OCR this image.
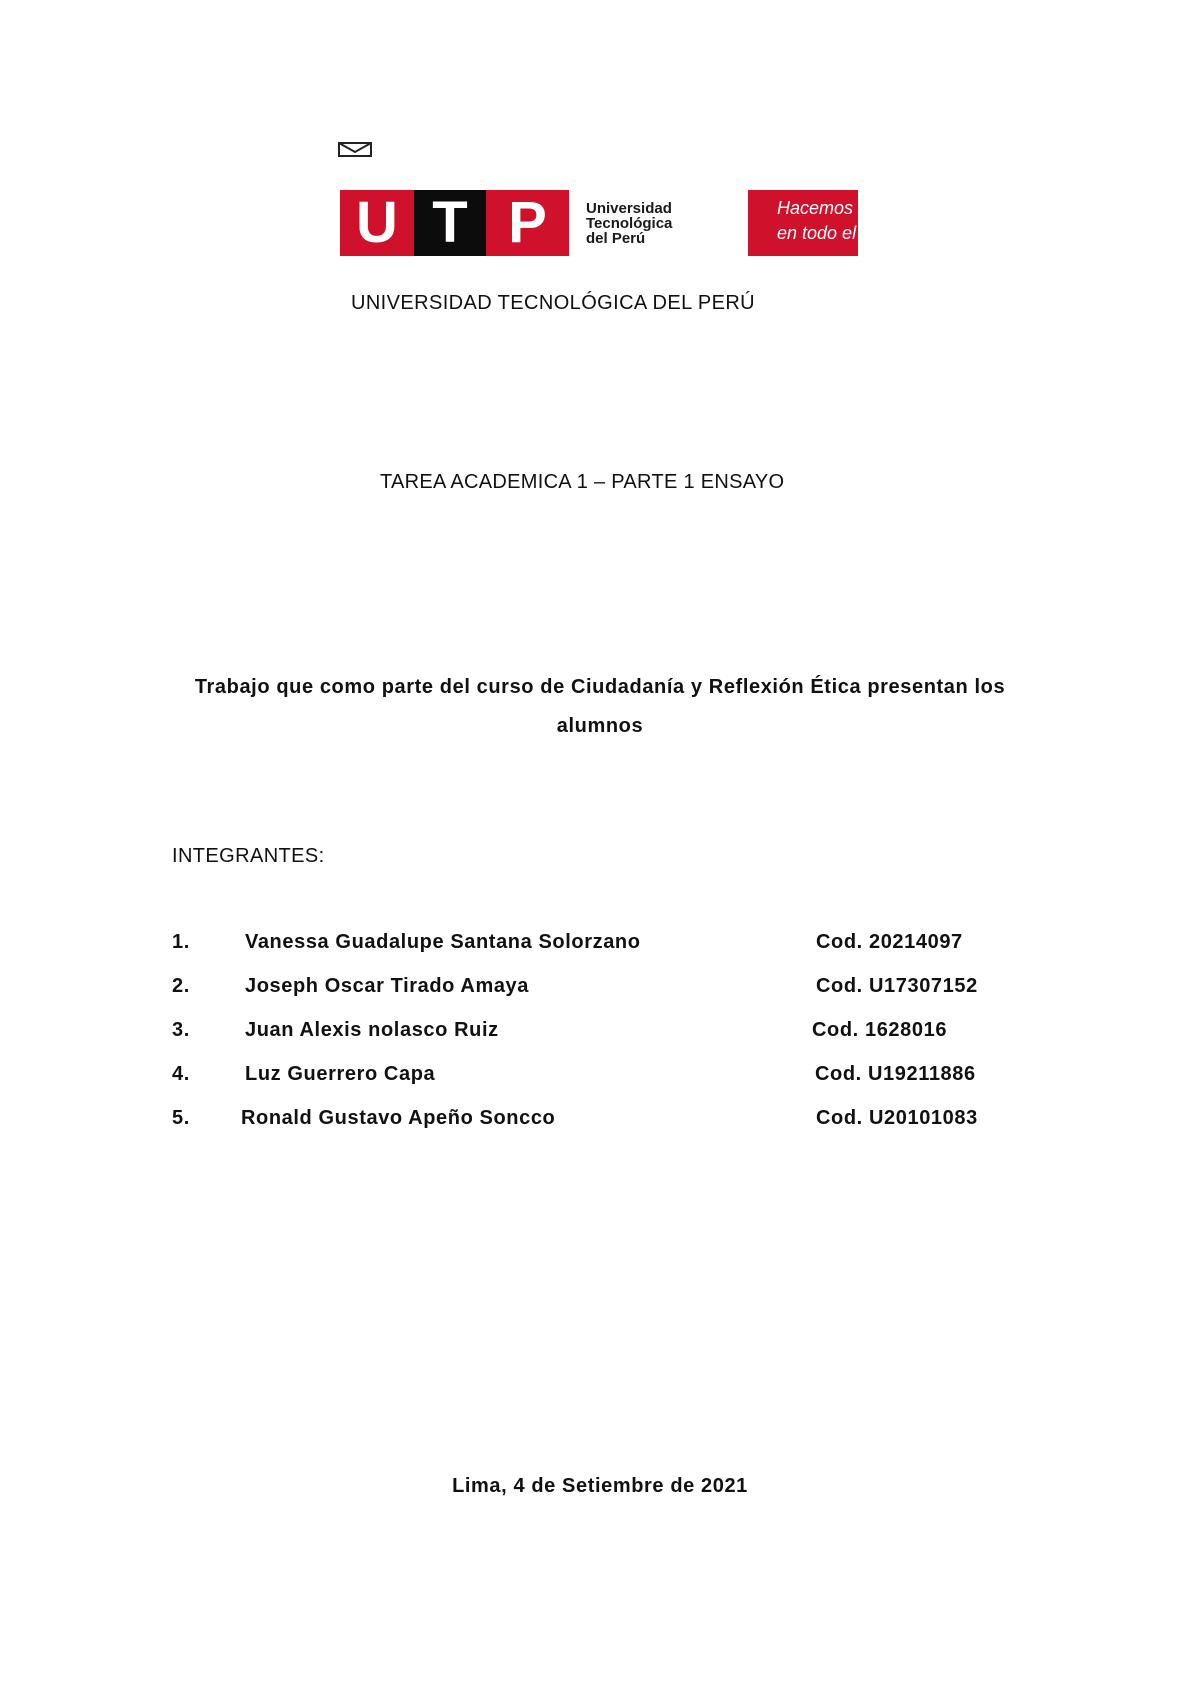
U T P	Universidad
Tecnológica
del Perú
Hacemos
en todo el
UNIVERSIDAD TECNOLÓGICA DEL PERÚ
TAREA ACADEMICA 1 – PARTE 1 ENSAYO
Trabajo que como parte del curso de Ciudadanía y Reflexión Ética presentan los
alumnos
INTEGRANTES:
1.	Vanessa Guadalupe Santana Solorzano	Cod. 20214097
2.	Joseph Oscar Tirado Amaya	Cod. U17307152
3.	Juan Alexis nolasco Ruiz	Cod. 1628016
4.	Luz Guerrero Capa	Cod. U19211886
5.	Ronald Gustavo Apeño Soncco	Cod. U20101083
Lima, 4 de Setiembre de 2021
